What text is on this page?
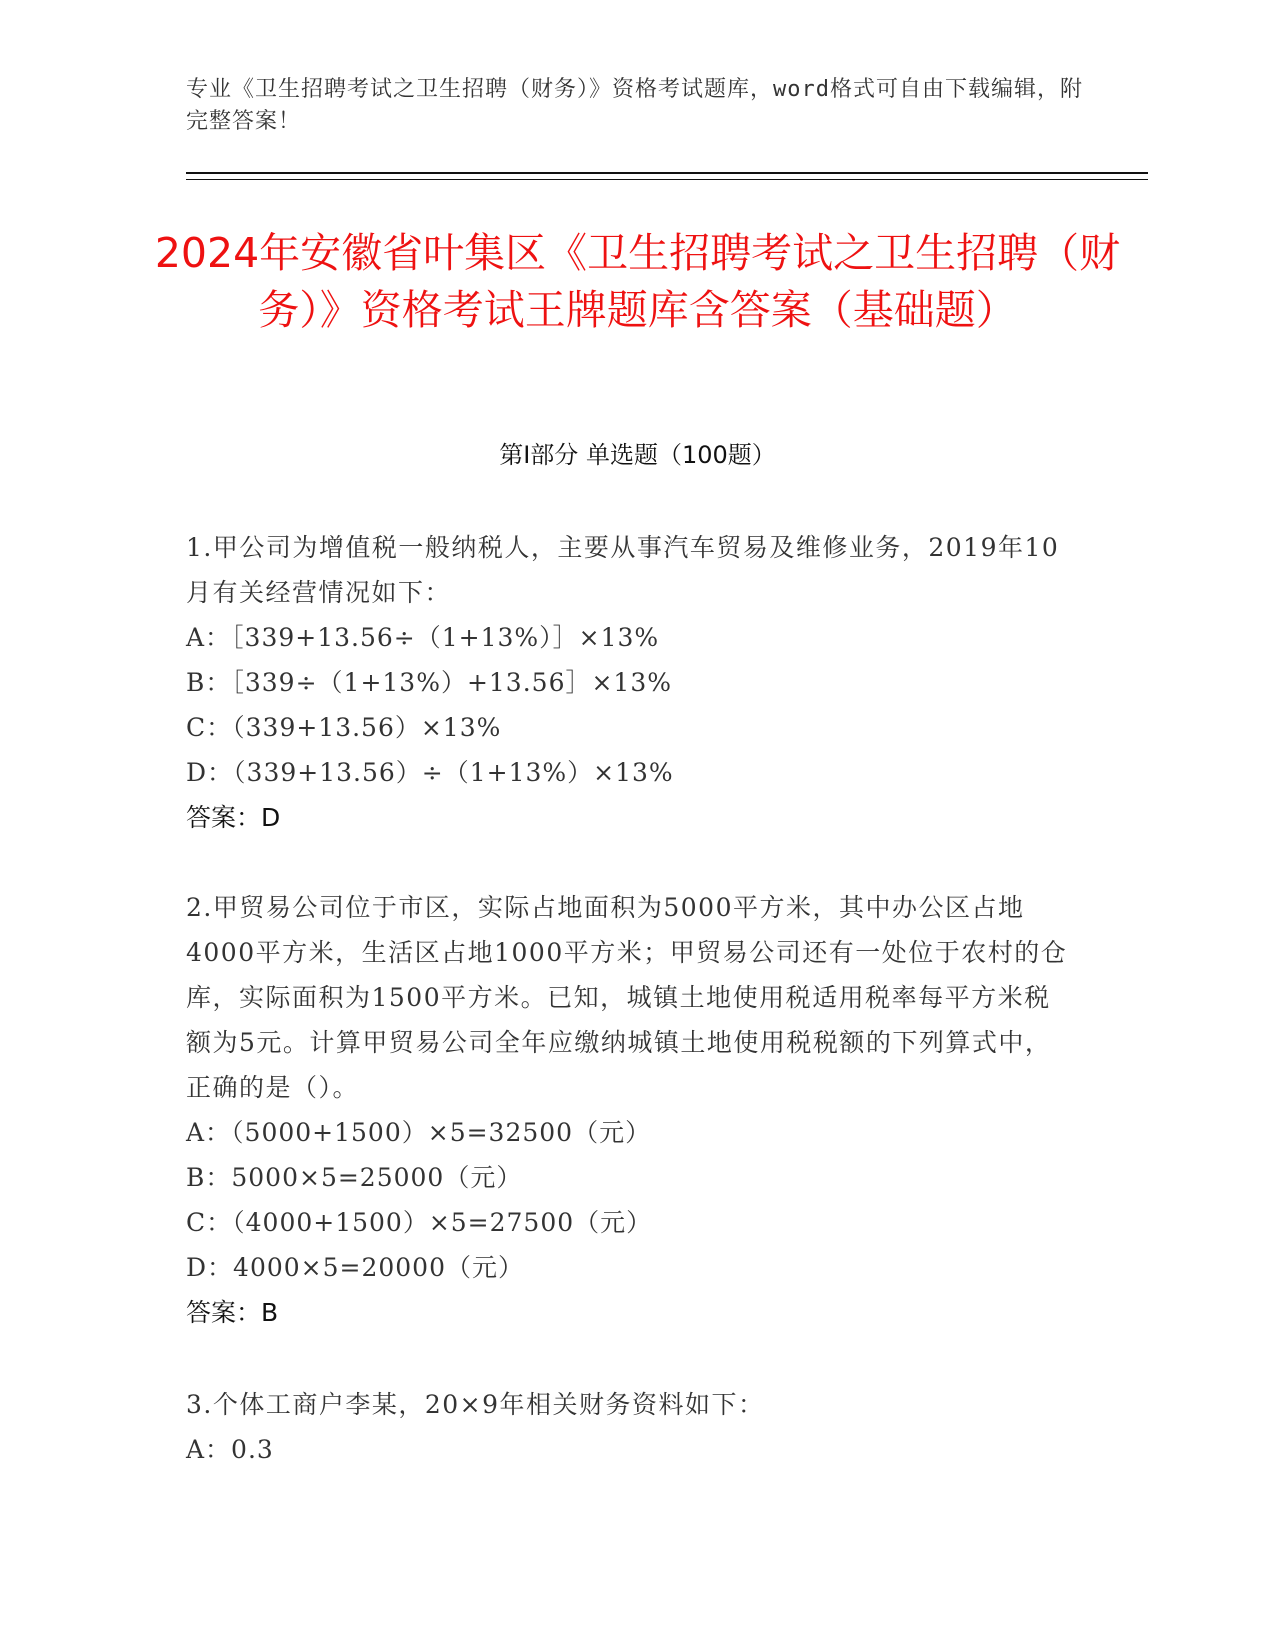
专业《卫生招聘考试之卫生招聘（财务）》资格考试题库，word格式可自由下载编辑，附完整答案！
2024年安徽省叶集区《卫生招聘考试之卫生招聘（财务）》资格考试王牌题库含答案（基础题）
第I部分 单选题（100题）
1.甲公司为增值税一般纳税人，主要从事汽车贸易及维修业务，2019年10月有关经营情况如下：
A：［339+13.56÷（1+13%）］×13%
B：［339÷（1+13%）+13.56］×13%
C：（339+13.56）×13%
D：（339+13.56）÷（1+13%）×13%
答案：D
2.甲贸易公司位于市区，实际占地面积为5000平方米，其中办公区占地4000平方米，生活区占地1000平方米；甲贸易公司还有一处位于农村的仓库，实际面积为1500平方米。已知，城镇土地使用税适用税率每平方米税额为5元。计算甲贸易公司全年应缴纳城镇土地使用税税额的下列算式中，正确的是（）。
A：（5000+1500）×5=32500（元）
B：5000×5=25000（元）
C：（4000+1500）×5=27500（元）
D：4000×5=20000（元）
答案：B
3.个体工商户李某，20×9年相关财务资料如下：
A：0.3
